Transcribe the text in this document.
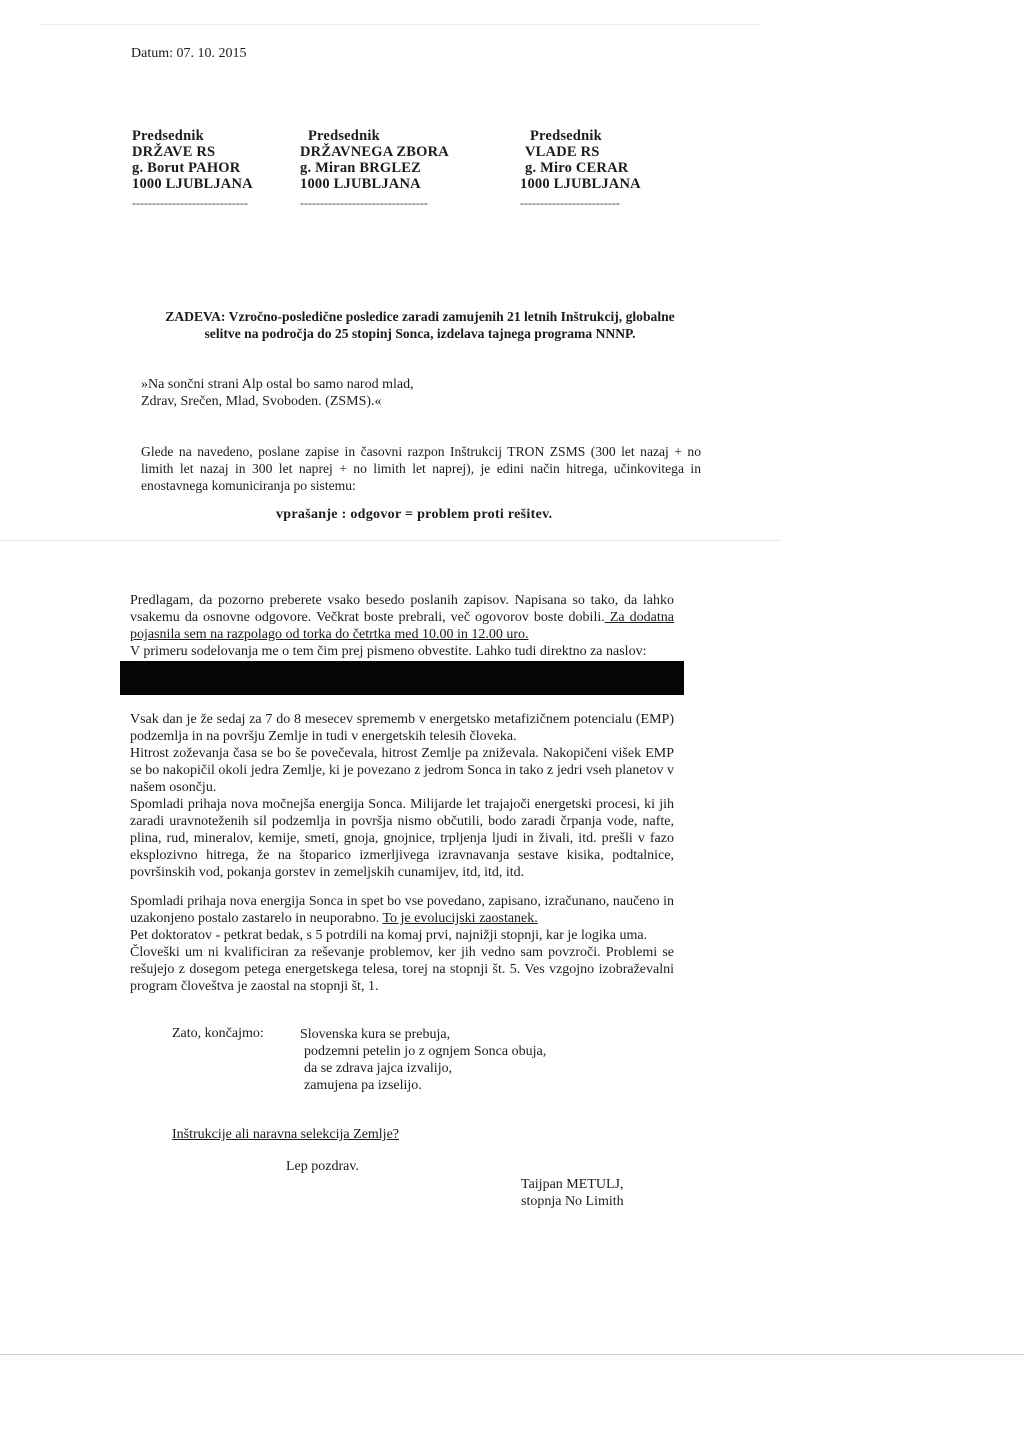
Datum: 07. 10. 2015
Predsednik
DRŽAVE RS
g. Borut PAHOR
1000 LJUBLJANA
-----------------------------
Predsednik
DRŽAVNEGA ZBORA
g. Miran BRGLEZ
1000 LJUBLJANA
--------------------------------
Predsednik
VLADE RS
g. Miro CERAR
1000 LJUBLJANA
-------------------------
ZADEVA: Vzročno-posledične posledice zaradi zamujenih 21 letnih Inštrukcij, globalne
selitve na področja do 25 stopinj Sonca, izdelava tajnega programa NNNP.
»Na sončni strani Alp ostal bo samo narod mlad,
Zdrav, Srečen, Mlad, Svoboden. (ZSMS).«
Glede na navedeno, poslane zapise in časovni razpon Inštrukcij TRON ZSMS (300 let nazaj + no limith let nazaj in 300 let naprej + no limith let naprej), je edini način hitrega, učinkovitega in enostavnega komuniciranja po sistemu:
vprašanje : odgovor = problem proti rešitev.

Predlagam, da pozorno preberete vsako besedo poslanih zapisov. Napisana so tako, da lahko vsakemu da osnovne odgovore. Večkrat boste prebrali, več ogovorov boste dobili. Za dodatna pojasnila sem na razpolago od torka do četrtka med 10.00 in 12.00 uro.

V primeru sodelovanja me o tem čim prej pismeno obvestite. Lahko tudi direktno za naslov:

Vsak dan je že sedaj za 7 do 8 mesecev sprememb v energetsko metafizičnem potencialu (EMP) podzemlja in na površju Zemlje in tudi v energetskih telesih človeka.

Hitrost zoževanja časa se bo še povečevala, hitrost Zemlje pa zniževala. Nakopičeni višek EMP se bo nakopičil okoli jedra Zemlje, ki je povezano z jedrom Sonca in tako z jedri vseh planetov v našem osončju.

Spomladi prihaja nova močnejša energija Sonca. Milijarde let trajajoči energetski procesi, ki jih zaradi uravnoteženih sil podzemlja in površja nismo občutili, bodo zaradi črpanja vode, nafte, plina, rud, mineralov, kemije, smeti, gnoja, gnojnice, trpljenja ljudi in živali, itd. prešli v fazo eksplozivno hitrega, že na štoparico izmerljivega izravnavanja sestave kisika, podtalnice, površinskih vod, pokanja gorstev in zemeljskih cunamijev, itd, itd, itd.

Spomladi prihaja nova energija Sonca in spet bo vse povedano, zapisano, izračunano, naučeno in uzakonjeno postalo zastarelo in neuporabno. To je evolucijski zaostanek.

Pet doktoratov - petkrat bedak, s 5 potrdili na komaj prvi, najnižji stopnji, kar je logika uma.

Človeški um ni kvalificiran za reševanje problemov, ker jih vedno sam povzroči. Problemi se rešujejo z dosegom petega energetskega telesa, torej na stopnji št. 5. Ves vzgojno izobraževalni program človeštva je zaostal na stopnji št, 1.

Zato, končajmo:	Slovenska kura se prebuja,
podzemni petelin jo z ognjem Sonca obuja,
da se zdrava jajca izvalijo,
zamujena pa izselijo.
Inštrukcije ali naravna selekcija Zemlje?
Lep pozdrav.
Taijpan METULJ,
stopnja No Limith
